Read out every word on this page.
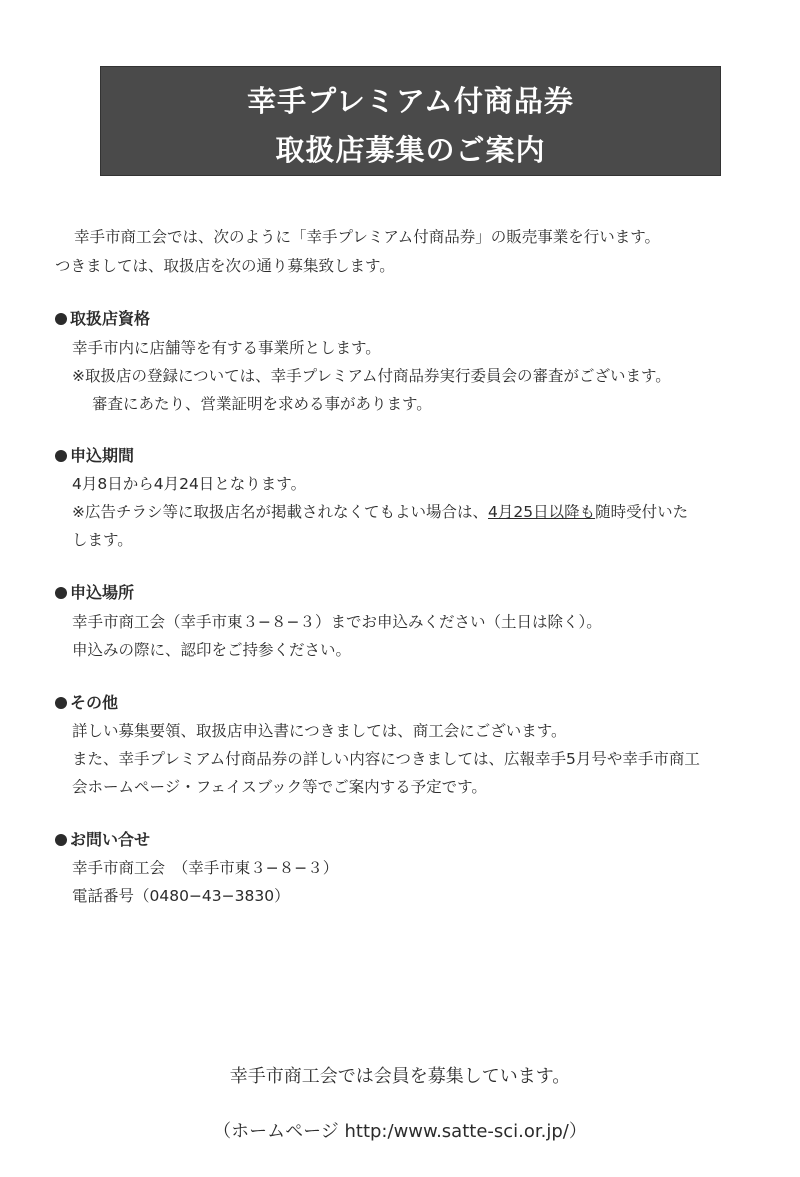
幸手プレミアム付商品券
取扱店募集のご案内
幸手市商工会では、次のように「幸手プレミアム付商品券」の販売事業を行います。
つきましては、取扱店を次の通り募集致します。
取扱店資格
幸手市内に店舗等を有する事業所とします。
※取扱店の登録については、幸手プレミアム付商品券実行委員会の審査がございます。
審査にあたり、営業証明を求める事があります。
申込期間
4月8日から4月24日となります。
※広告チラシ等に取扱店名が掲載されなくてもよい場合は、4月25日以降も随時受付いた
します。
申込場所
幸手市商工会（幸手市東３−８−３）までお申込みください（土日は除く）。
申込みの際に、認印をご持参ください。
その他
詳しい募集要領、取扱店申込書につきましては、商工会にございます。
また、幸手プレミアム付商品券の詳しい内容につきましては、広報幸手5月号や幸手市商工
会ホームページ・フェイスブック等でご案内する予定です。
お問い合せ
幸手市商工会　（幸手市東３−８−３）
電話番号（0480−43−3830）
幸手市商工会では会員を募集しています。
（ホームページ http:/www.satte-sci.or.jp/）
